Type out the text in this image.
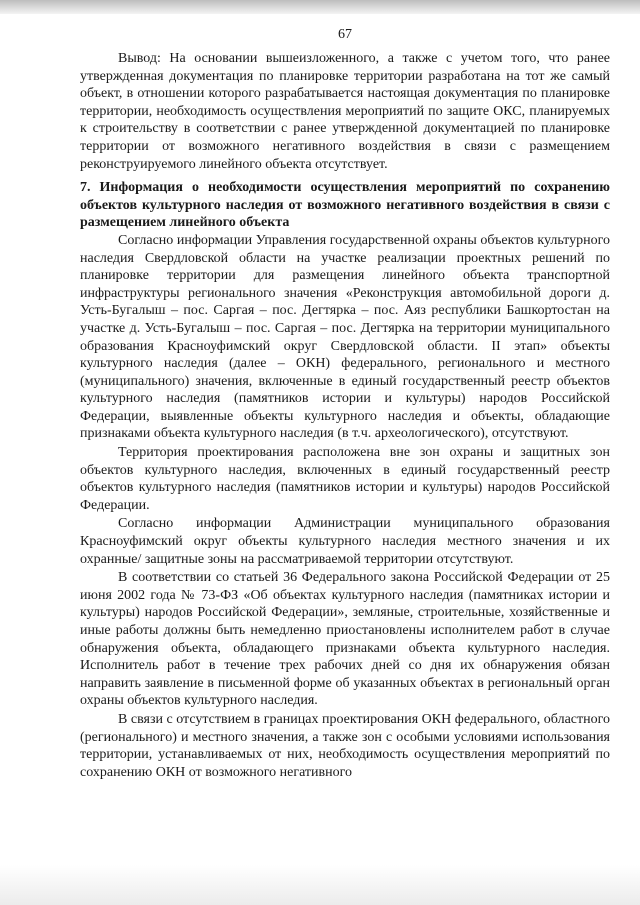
67

Вывод: На основании вышеизложенного, а также с учетом того, что ранее утвержденная документация по планировке территории разработана на тот же самый объект, в отношении которого разрабатывается настоящая документация по планировке территории, необходимость осуществления мероприятий по защите ОКС, планируемых к строительству в соответствии с ранее утвержденной документацией по планировке территории от возможного негативного воздействия в связи с размещением реконструируемого линейного объекта отсутствует.

7. Информация о необходимости осуществления мероприятий по сохранению объектов культурного наследия от возможного негативного воздействия в связи с размещением линейного объекта

Согласно информации Управления государственной охраны объектов культурного наследия Свердловской области на участке реализации проектных решений по планировке территории для размещения линейного объекта транспортной инфраструктуры регионального значения «Реконструкция автомобильной дороги д. Усть-Бугалыш – пос. Саргая – пос. Дегтярка – пос. Аяз республики Башкортостан на участке д. Усть-Бугалыш – пос. Саргая – пос. Дегтярка на территории муниципального образования Красноуфимский округ Свердловской области. II этап» объекты культурного наследия (далее – ОКН) федерального, регионального и местного (муниципального) значения, включенные в единый государственный реестр объектов культурного наследия (памятников истории и культуры) народов Российской Федерации, выявленные объекты культурного наследия и объекты, обладающие признаками объекта культурного наследия (в т.ч. археологического), отсутствуют.

Территория проектирования расположена вне зон охраны и защитных зон объектов культурного наследия, включенных в единый государственный реестр объектов культурного наследия (памятников истории и культуры) народов Российской Федерации.

Согласно информации Администрации муниципального образования Красноуфимский округ объекты культурного наследия местного значения и их охранные/ защитные зоны на рассматриваемой территории отсутствуют.

В соответствии со статьей 36 Федерального закона Российской Федерации от 25 июня 2002 года № 73-ФЗ «Об объектах культурного наследия (памятниках истории и культуры) народов Российской Федерации», земляные, строительные, хозяйственные и иные работы должны быть немедленно приостановлены исполнителем работ в случае обнаружения объекта, обладающего признаками объекта культурного наследия. Исполнитель работ в течение трех рабочих дней со дня их обнаружения обязан направить заявление в письменной форме об указанных объектах в региональный орган охраны объектов культурного наследия.

В связи с отсутствием в границах проектирования ОКН федерального, областного (регионального) и местного значения, а также зон с особыми условиями использования территории, устанавливаемых от них, необходимость осуществления мероприятий по сохранению ОКН от возможного негативного
